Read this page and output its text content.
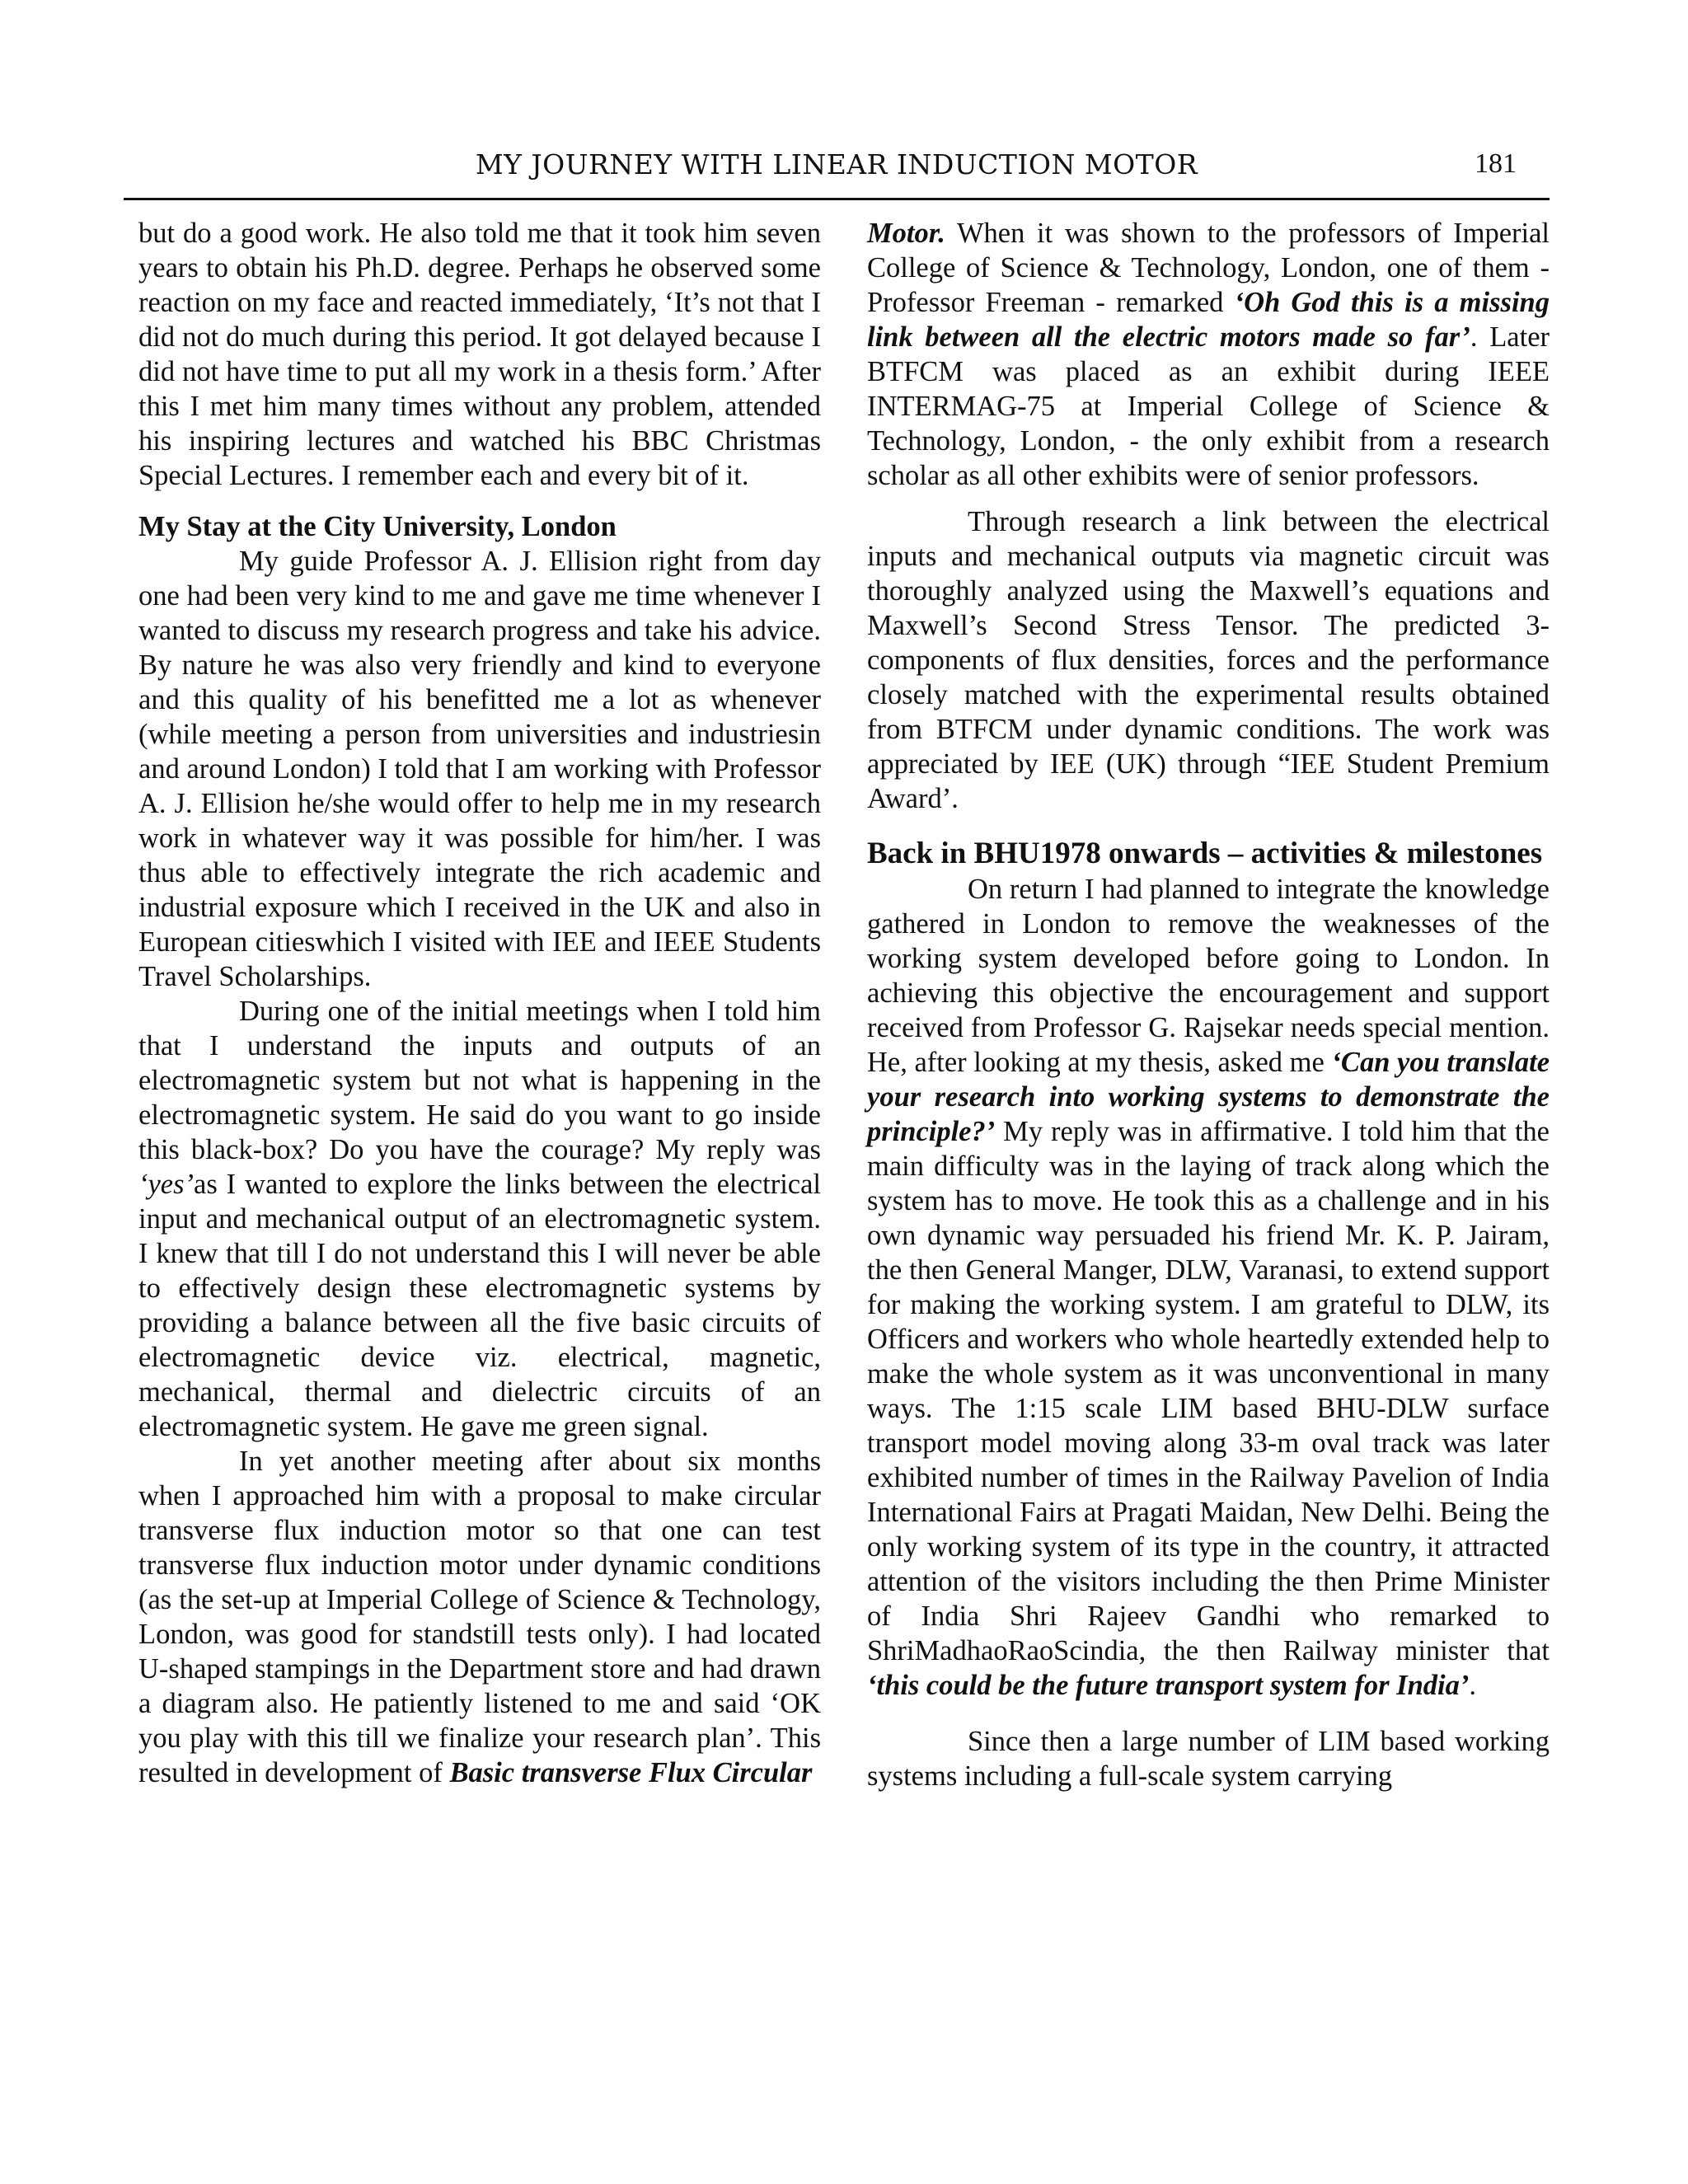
MY JOURNEY WITH LINEAR INDUCTION MOTOR	181

but do a good work. He also told me that it took him seven years to obtain his Ph.D. degree. Perhaps he observed some reaction on my face and reacted immediately, ‘It’s not that I did not do much during this period. It got delayed because I did not have time to put all my work in a thesis form.’ After this I met him many times without any problem, attended his inspiring lectures and watched his BBC Christmas Special Lectures. I remember each and every bit of it.

My Stay at the City University, London

My guide Professor A. J. Ellision right from day one had been very kind to me and gave me time whenever I wanted to discuss my research progress and take his advice. By nature he was also very friendly and kind to everyone and this quality of his benefitted me a lot as whenever (while meeting a person from universities and industriesin and around London) I told that I am working with Professor A. J. Ellision he/she would offer to help me in my research work in whatever way it was possible for him/her. I was thus able to effectively integrate the rich academic and industrial exposure which I received in the UK and also in European citieswhich I visited with IEE and IEEE Students Travel Scholarships.

During one of the initial meetings when I told him that I understand the inputs and outputs of an electromagnetic system but not what is happening in the electromagnetic system. He said do you want to go inside this black-box? Do you have the courage? My reply was ‘yes’as I wanted to explore the links between the electrical input and mechanical output of an electromagnetic system. I knew that till I do not understand this I will never be able to effectively design these electromagnetic systems by providing a balance between all the five basic circuits of electromagnetic device viz. electrical, magnetic, mechanical, thermal and dielectric circuits of an electromagnetic system. He gave me green signal.

In yet another meeting after about six months when I approached him with a proposal to make circular transverse flux induction motor so that one can test transverse flux induction motor under dynamic conditions (as the set-up at Imperial College of Science & Technology, London, was good for standstill tests only). I had located U-shaped stampings in the Department store and had drawn a diagram also. He patiently listened to me and said ‘OK you play with this till we finalize your research plan’. This resulted in development of Basic transverse Flux Circular

Motor. When it was shown to the professors of Imperial College of Science & Technology, London, one of them - Professor Freeman - remarked ‘Oh God this is a missing link between all the electric motors made so far’. Later BTFCM was placed as an exhibit during IEEE INTERMAG-75 at Imperial College of Science & Technology, London, - the only exhibit from a research scholar as all other exhibits were of senior professors.

Through research a link between the electrical inputs and mechanical outputs via magnetic circuit was thoroughly analyzed using the Maxwell’s equations and Maxwell’s Second Stress Tensor. The predicted 3-components of flux densities, forces and the performance closely matched with the experimental results obtained from BTFCM under dynamic conditions. The work was appreciated by IEE (UK) through “IEE Student Premium Award’.

Back in BHU1978 onwards – activities & milestones

On return I had planned to integrate the knowledge gathered in London to remove the weaknesses of the working system developed before going to London. In achieving this objective the encouragement and support received from Professor G. Rajsekar needs special mention. He, after looking at my thesis, asked me ‘Can you translate your research into working systems to demonstrate the principle?’ My reply was in affirmative. I told him that the main difficulty was in the laying of track along which the system has to move. He took this as a challenge and in his own dynamic way persuaded his friend Mr. K. P. Jairam, the then General Manger, DLW, Varanasi, to extend support for making the working system. I am grateful to DLW, its Officers and workers who whole heartedly extended help to make the whole system as it was unconventional in many ways. The 1:15 scale LIM based BHU-DLW surface transport model moving along 33-m oval track was later exhibited number of times in the Railway Pavelion of India International Fairs at Pragati Maidan, New Delhi. Being the only working system of its type in the country, it attracted attention of the visitors including the then Prime Minister of India Shri Rajeev Gandhi who remarked to ShriMadhaoRaoScindia, the then Railway minister that ‘this could be the future transport system for India’.

Since then a large number of LIM based working systems including a full-scale system carrying
